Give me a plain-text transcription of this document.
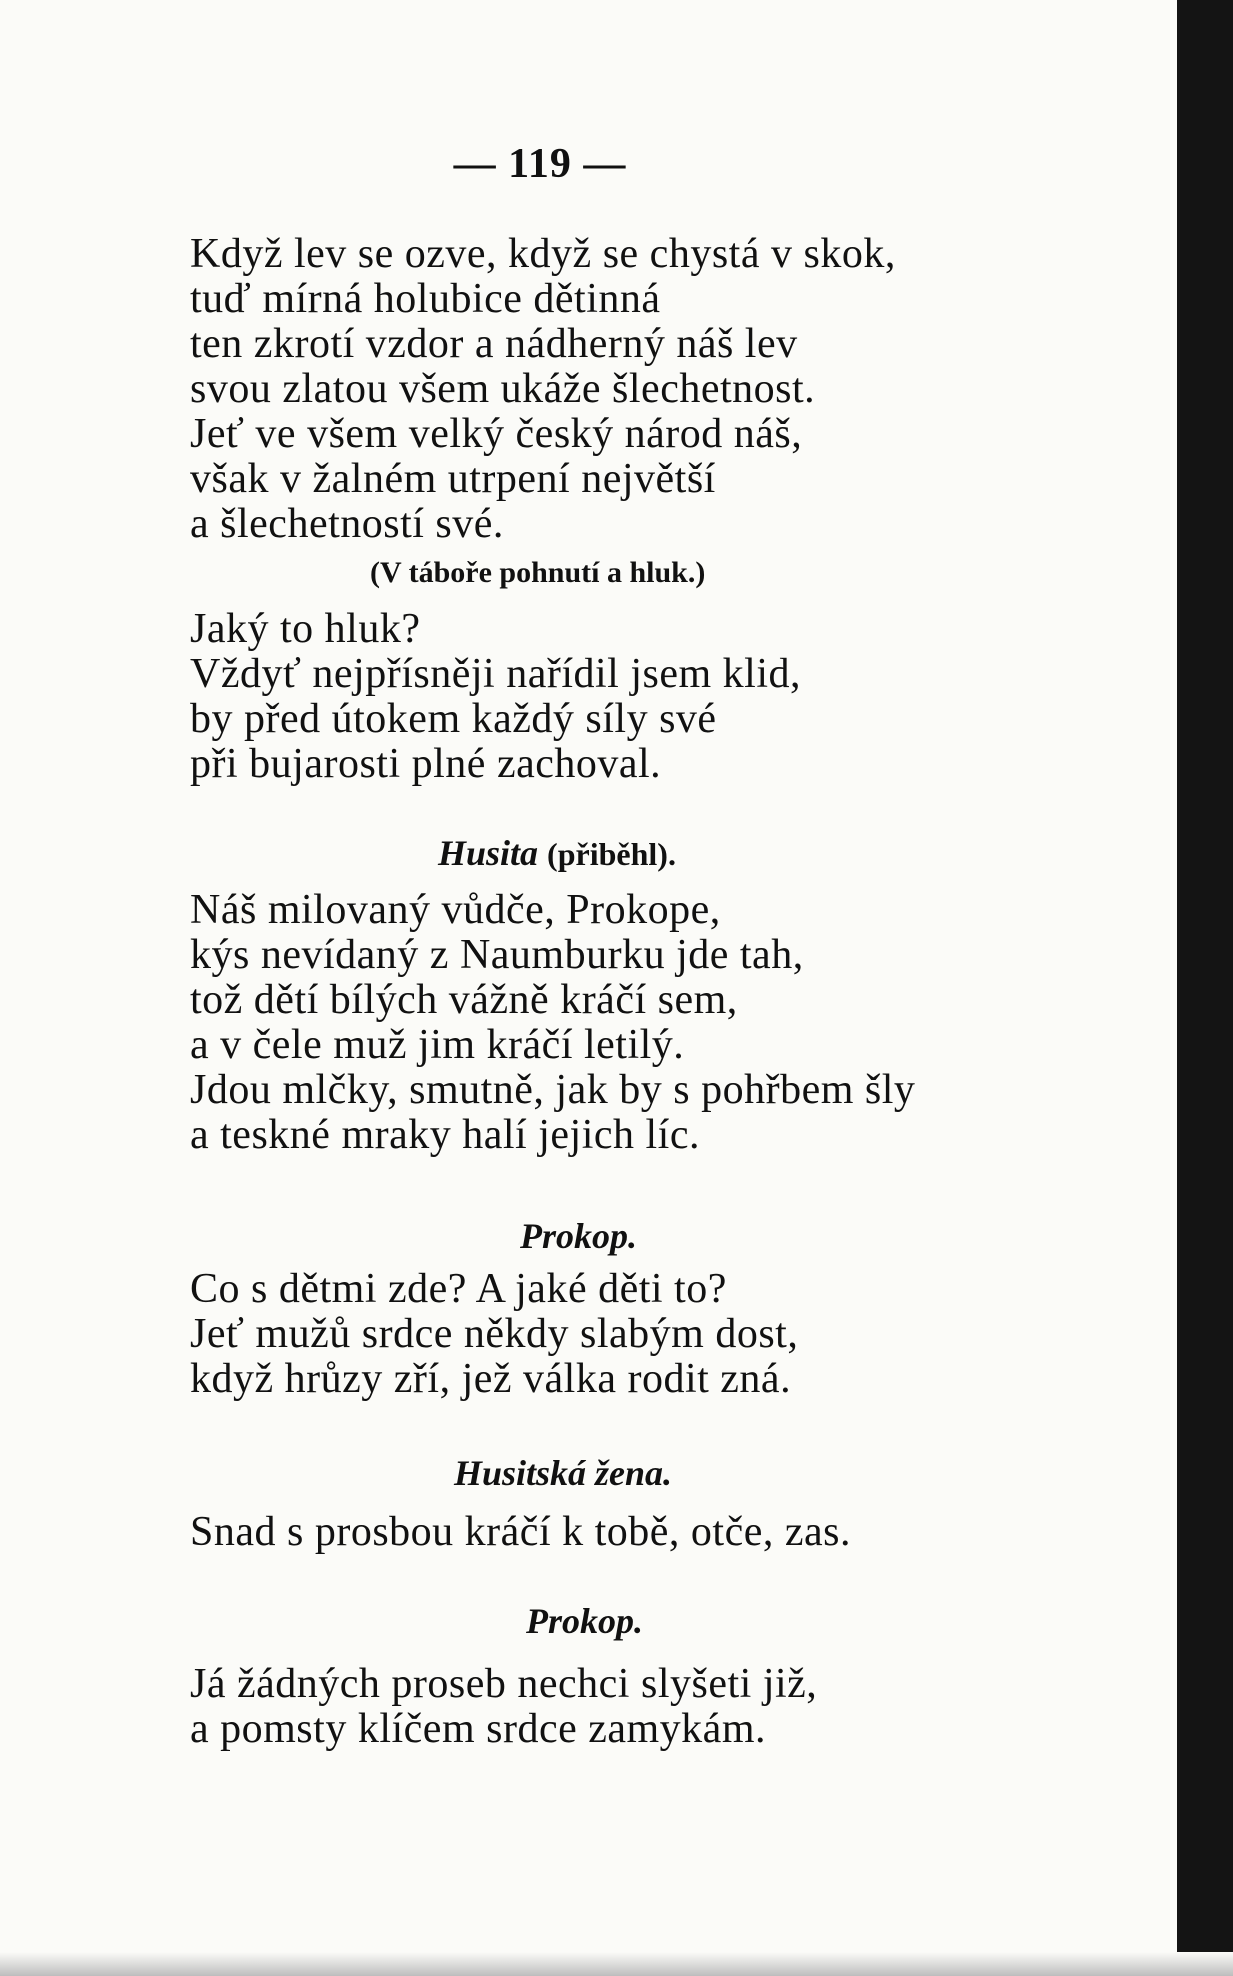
— 119 —
Když lev se ozve, když se chystá v skok,
tuď mírná holubice dětinná
ten zkrotí vzdor a nádherný náš lev
svou zlatou všem ukáže šlechetnost.
Jeť ve všem velký český národ náš,
však v žalném utrpení největší
a šlechetností své.
(V táboře pohnutí a hluk.)
Jaký to hluk?
Vždyť nejpřísněji nařídil jsem klid,
by před útokem každý síly své
při bujarosti plné zachoval.
Husita (přiběhl).
Náš milovaný vůdče, Prokope,
kýs nevídaný z Naumburku jde tah,
tož dětí bílých vážně kráčí sem,
a v čele muž jim kráčí letilý.
Jdou mlčky, smutně, jak by s pohřbem šly
a teskné mraky halí jejich líc.
Prokop.
Co s dětmi zde? A jaké děti to?
Jeť mužů srdce někdy slabým dost,
když hrůzy zří, jež válka rodit zná.
Husitská žena.
Snad s prosbou kráčí k tobě, otče, zas.
Prokop.
Já žádných proseb nechci slyšeti již,
a pomsty klíčem srdce zamykám.
